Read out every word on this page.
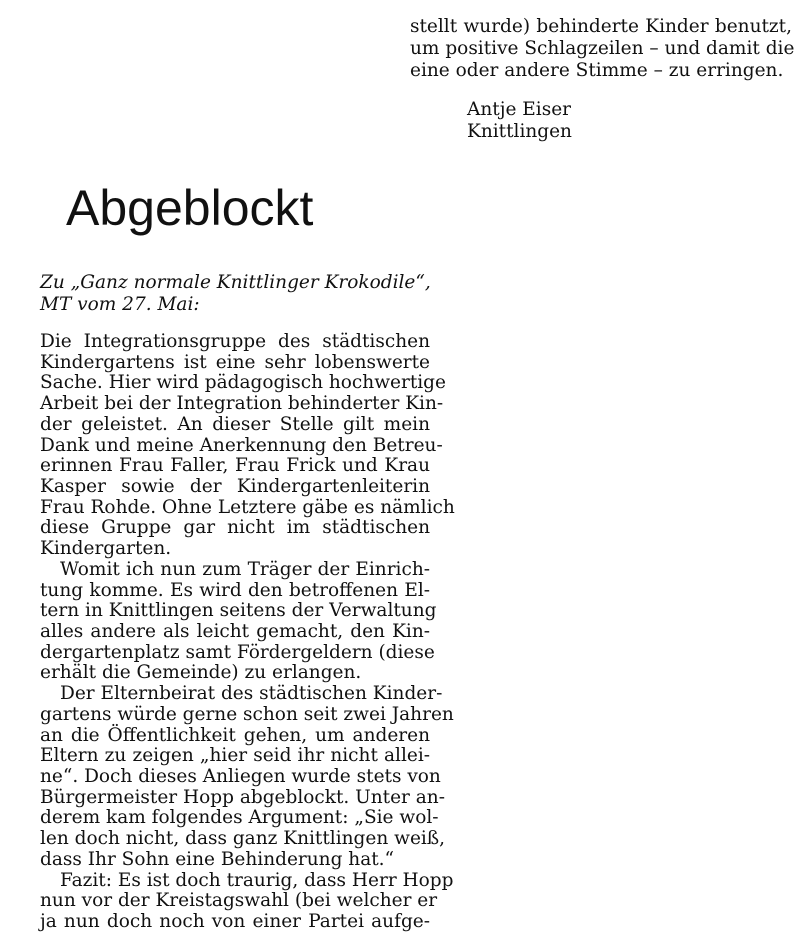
stellt wurde) behinderte Kinder benutzt,

um positive Schlagzeilen – und damit die

eine oder andere Stimme – zu erringen.

Antje Eiser
Knittlingen
Abgeblockt
Zu „Ganz normale Knittlinger Krokodile“,
MT vom 27. Mai:

Die Integrationsgruppe des städtischen

Kindergartens ist eine sehr lobenswerte

Sache. Hier wird pädagogisch hochwertige

Arbeit bei der Integration behinderter Kin-

der geleistet. An dieser Stelle gilt mein

Dank und meine Anerkennung den Betreu-

erinnen Frau Faller, Frau Frick und Krau

Kasper sowie der Kindergartenleiterin

Frau Rohde. Ohne Letztere gäbe es nämlich

diese Gruppe gar nicht im städtischen

Kindergarten.

Womit ich nun zum Träger der Einrich-

tung komme. Es wird den betroffenen El-

tern in Knittlingen seitens der Verwaltung

alles andere als leicht gemacht, den Kin-

dergartenplatz samt Fördergeldern (diese

erhält die Gemeinde) zu erlangen.

Der Elternbeirat des städtischen Kinder-

gartens würde gerne schon seit zwei Jahren

an die Öffentlichkeit gehen, um anderen

Eltern zu zeigen „hier seid ihr nicht allei-

ne“. Doch dieses Anliegen wurde stets von

Bürgermeister Hopp abgeblockt. Unter an-

derem kam folgendes Argument: „Sie wol-

len doch nicht, dass ganz Knittlingen weiß,

dass Ihr Sohn eine Behinderung hat.“

Fazit: Es ist doch traurig, dass Herr Hopp

nun vor der Kreistagswahl (bei welcher er

ja nun doch noch von einer Partei aufge-
